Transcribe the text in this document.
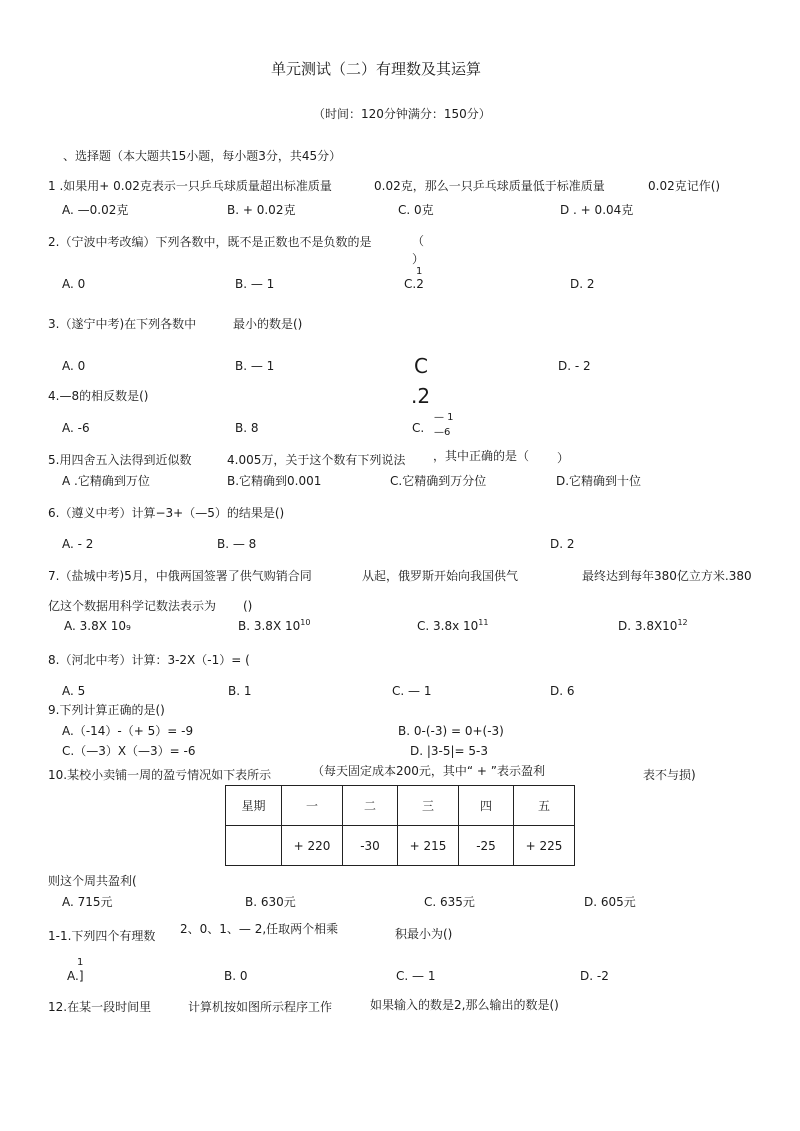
单元测试（二）有理数及其运算
（时间：120分钟满分：150分）
、选择题（本大题共15小题，每小题3分，共45分）
1 .如果用+ 0.02克表示一只乒乓球质量超出标准质量	0.02克，那么一只乒乓球质量低于标准质量	0.02克记作()
A. —0.02克	B. + 0.02克	C. 0克	D . + 0.04克
2.（宁波中考改编）下列各数中，既不是正数也不是负数的是	（
）
A. 0	B. — 1
1
C.2	D. 2
3.（遂宁中考)在下列各数中	最小的数是()
A. 0	B. — 1	C
.2
D. - 2
4.—8的相反数是()
A. -6	B. 8	C.
— 1
—6
5.用四舍五入法得到近似数	4.005万，关于这个数有下列说法 ，其中正确的是（ ）
A .它精确到万位	B.它精确到0.001	C.它精确到万分位	D.它精确到十位
6.（遵义中考）计算−3+（—5）的结果是()
A. - 2	B. — 8	D. 2
7.（盐城中考)5月，中俄两国签署了供气购销合同	从起，俄罗斯开始向我国供气	最终达到每年380亿立方米.380
亿这个数据用科学记数法表示为 ()
A. 3.8X 10₉	B. 3.8X $10^{10}$	C. 3.8x $10^{11}$	D. $3.8X10^{12}$
8.（河北中考）计算：3-2X（-1）= (
A. 5	B. 1	C. — 1	D. 6
9.下列计算正确的是()
A.（-14）-（+ 5）= -9	B. 0-(-3) = 0+(-3)
C.（—3）X（—3）= -6	D. |3-5|= 5-3
10.某校小卖铺一周的盈亏情况如下表所示	（每天固定成本200元，其中“ + ”表示盈利	表不与损)
星期	一	二	三	四	五
	+ 220	-30	+ 215	-25	+ 225
则这个周共盈利(
A. 715元	B. 630元	C. 635元	D. 605元
1-1.下列四个有理数 2、0、1、— 2,任取两个相乘	积最小为()
1
A.]	B. 0	C. — 1	D. -2
12.在某一段时间里	计算机按如图所示程序工作	如果输入的数是2,那么输出的数是()
